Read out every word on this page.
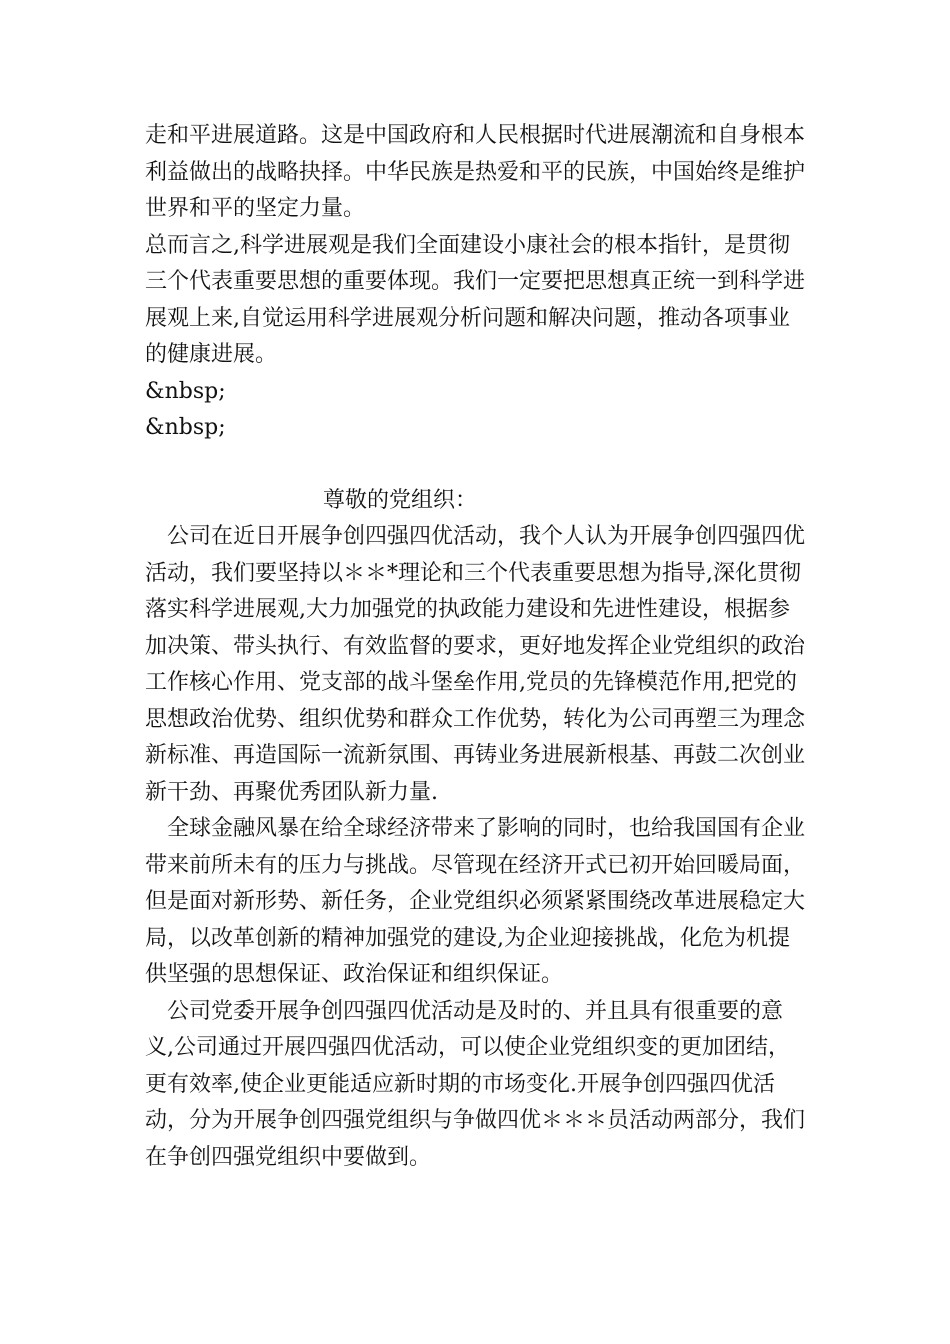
走和平进展道路。这是中国政府和人民根据时代进展潮流和自身根本利益做出的战略抉择。中华民族是热爱和平的民族，中国始终是维护世界和平的坚定力量。

总而言之,科学进展观是我们全面建设小康社会的根本指针，是贯彻三个代表重要思想的重要体现。我们一定要把思想真正统一到科学进展观上来,自觉运用科学进展观分析问题和解决问题，推动各项事业的健康进展。

&nbsp;

&nbsp;

尊敬的党组织：

公司在近日开展争创四强四优活动，我个人认为开展争创四强四优活动，我们要坚持以＊＊*理论和三个代表重要思想为指导,深化贯彻落实科学进展观,大力加强党的执政能力建设和先进性建设，根据参加决策、带头执行、有效监督的要求，更好地发挥企业党组织的政治工作核心作用、党支部的战斗堡垒作用,党员的先锋模范作用,把党的思想政治优势、组织优势和群众工作优势，转化为公司再塑三为理念新标准、再造国际一流新氛围、再铸业务进展新根基、再鼓二次创业新干劲、再聚优秀团队新力量.

全球金融风暴在给全球经济带来了影响的同时，也给我国国有企业带来前所未有的压力与挑战。尽管现在经济开式已初开始回暖局面，但是面对新形势、新任务，企业党组织必须紧紧围绕改革进展稳定大局，以改革创新的精神加强党的建设,为企业迎接挑战，化危为机提供坚强的思想保证、政治保证和组织保证。

公司党委开展争创四强四优活动是及时的、并且具有很重要的意义,公司通过开展四强四优活动，可以使企业党组织变的更加团结，更有效率,使企业更能适应新时期的市场变化.开展争创四强四优活动，分为开展争创四强党组织与争做四优＊＊＊员活动两部分，我们在争创四强党组织中要做到。
